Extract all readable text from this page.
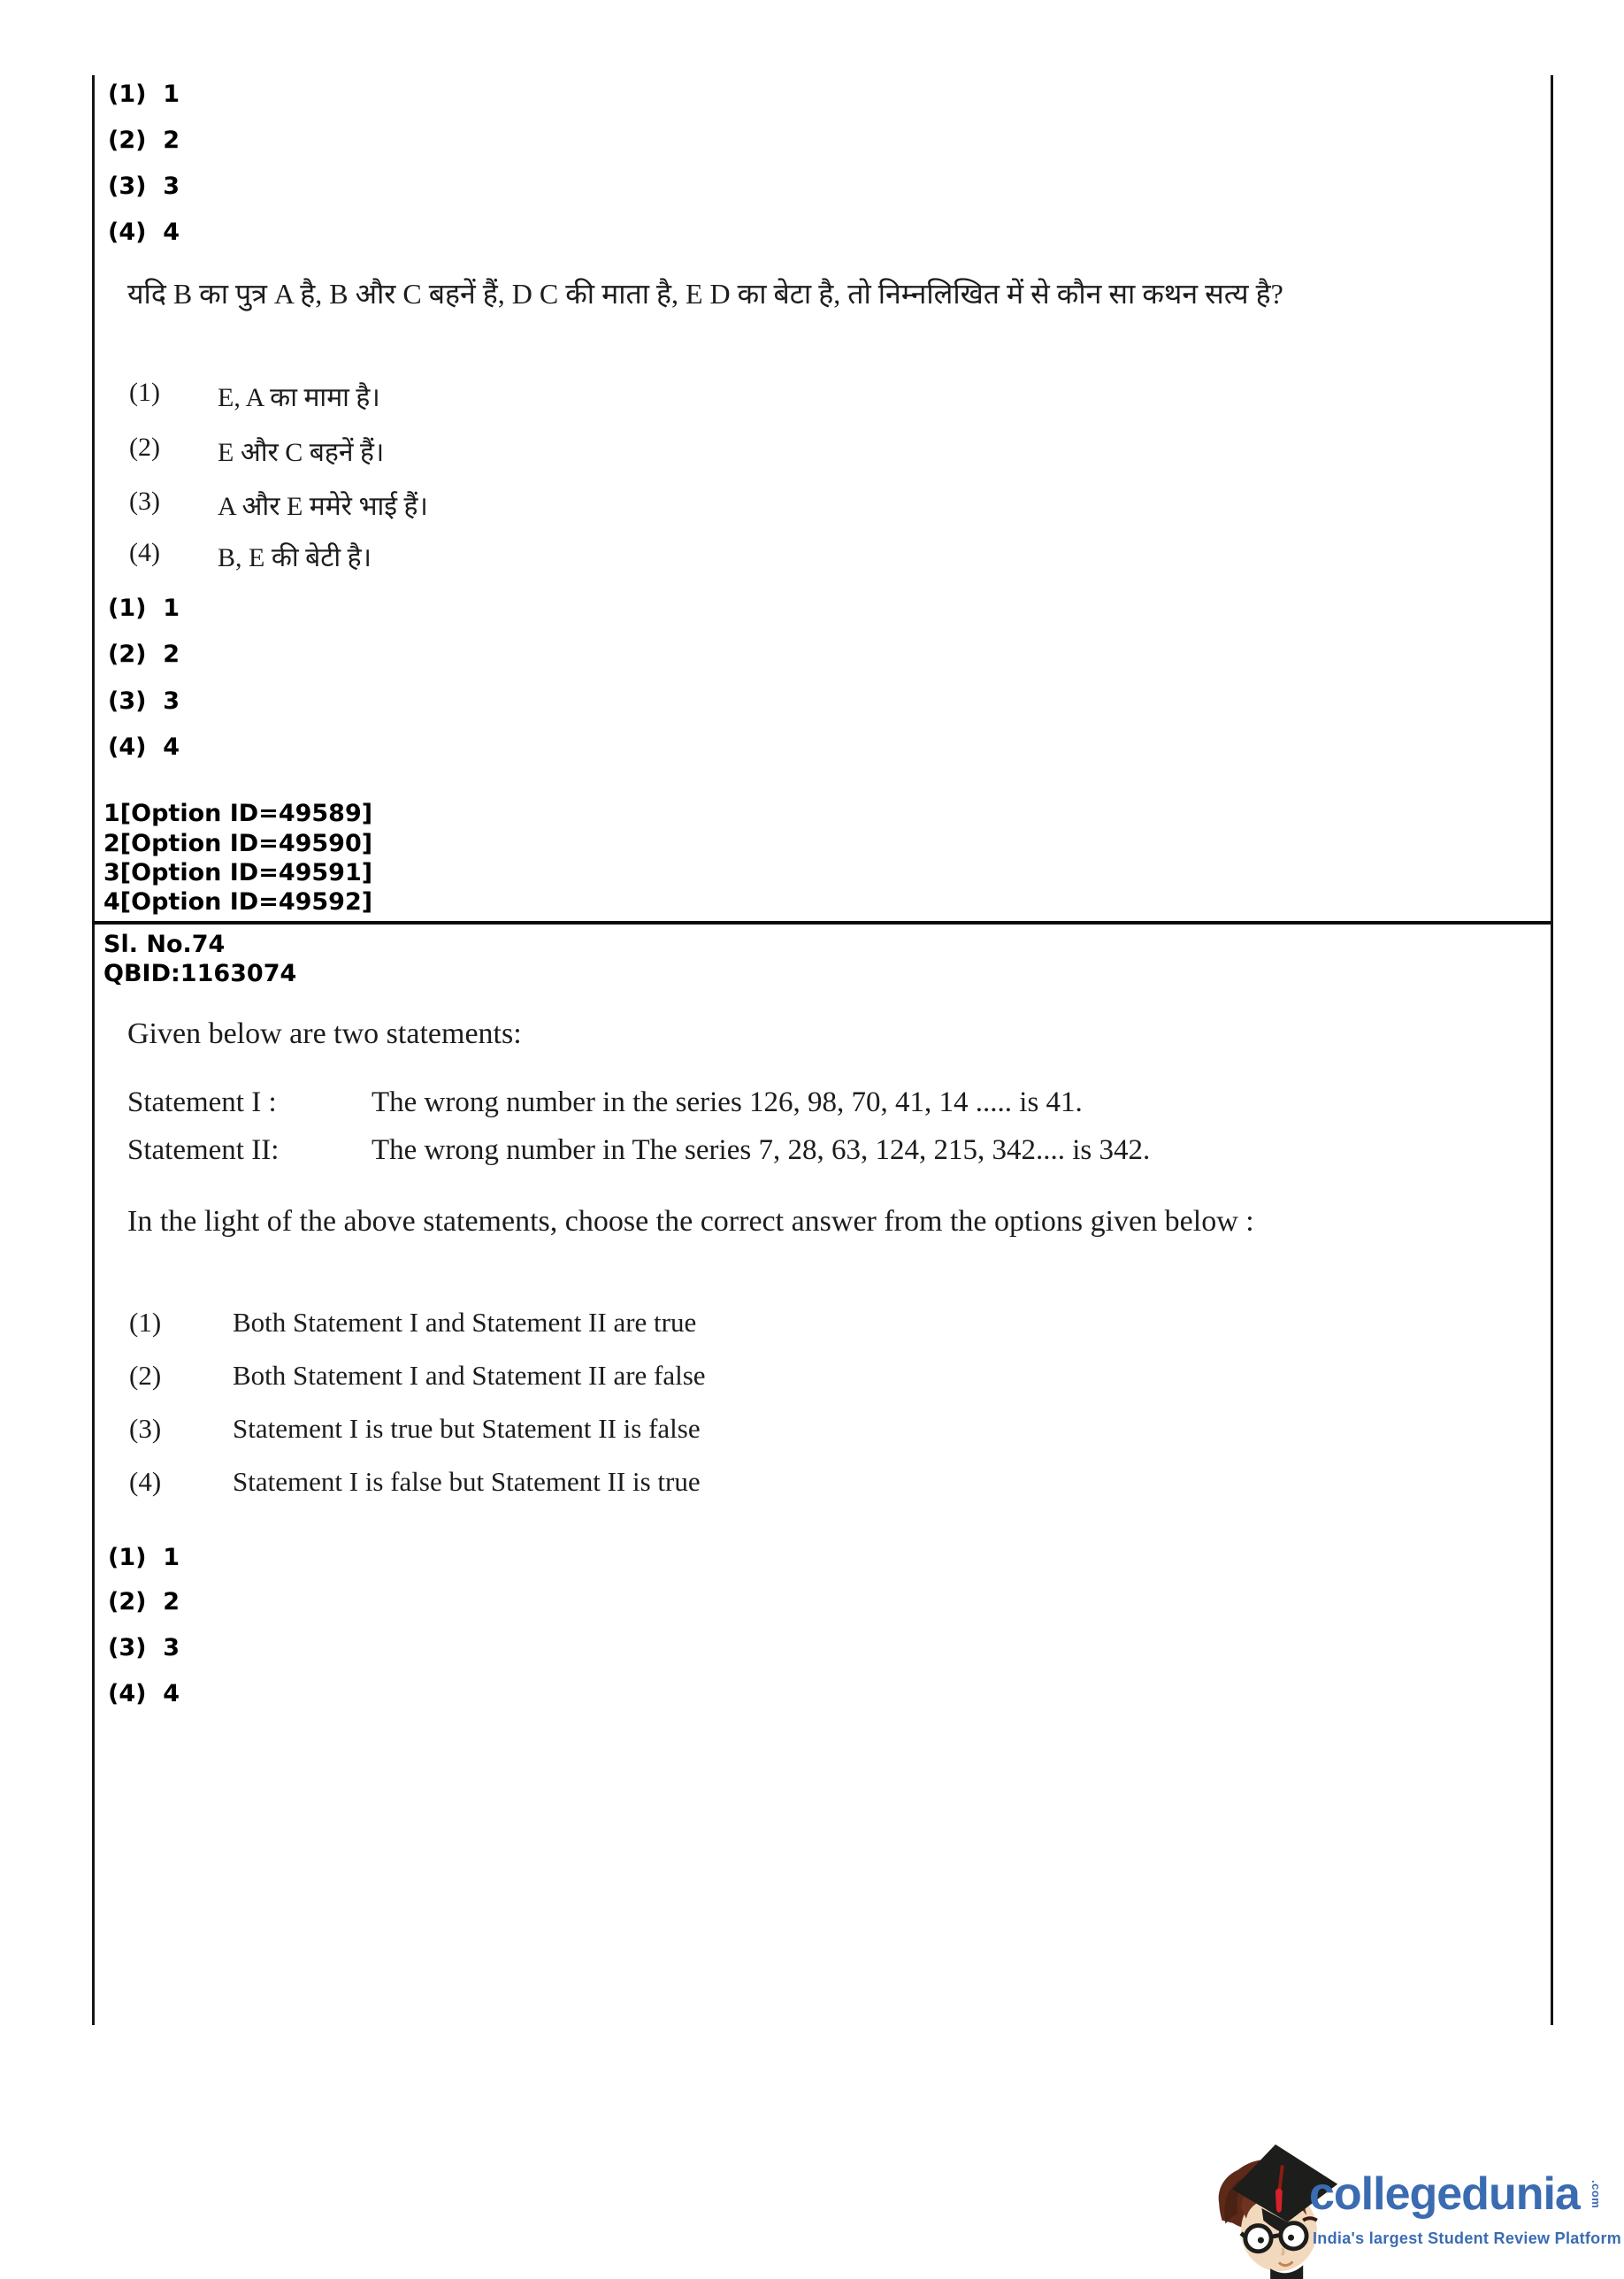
(1)  1
(2)  2
(3)  3
(4)  4
यदि B का पुत्र A है, B और C बहनें हैं, D C की माता है, E D का बेटा है, तो निम्नलिखित में से कौन सा कथन सत्य है?
(1) E, A का मामा है।
(2) E और C बहनें हैं।
(3) A और E ममेरे भाई हैं।
(4) B, E की बेटी है।
(1)  1
(2)  2
(3)  3
(4)  4
1[Option ID=49589]
2[Option ID=49590]
3[Option ID=49591]
4[Option ID=49592]
Sl. No.74
QBID:1163074
Given below are two statements:
Statement I :	The wrong number in the series 126, 98, 70, 41, 14 ..... is 41.
Statement II:	The wrong number in The series 7, 28, 63, 124, 215, 342.... is 342.
In the light of the above statements, choose the correct answer from the options given below :
(1)	Both Statement I and Statement II are true
(2)	Both Statement I and Statement II are false
(3)	Statement I is true but Statement II is false
(4)	Statement I is false but Statement II is true
(1)  1
(2)  2
(3)  3
(4)  4
collegedunia .com
India's largest Student Review Platform
